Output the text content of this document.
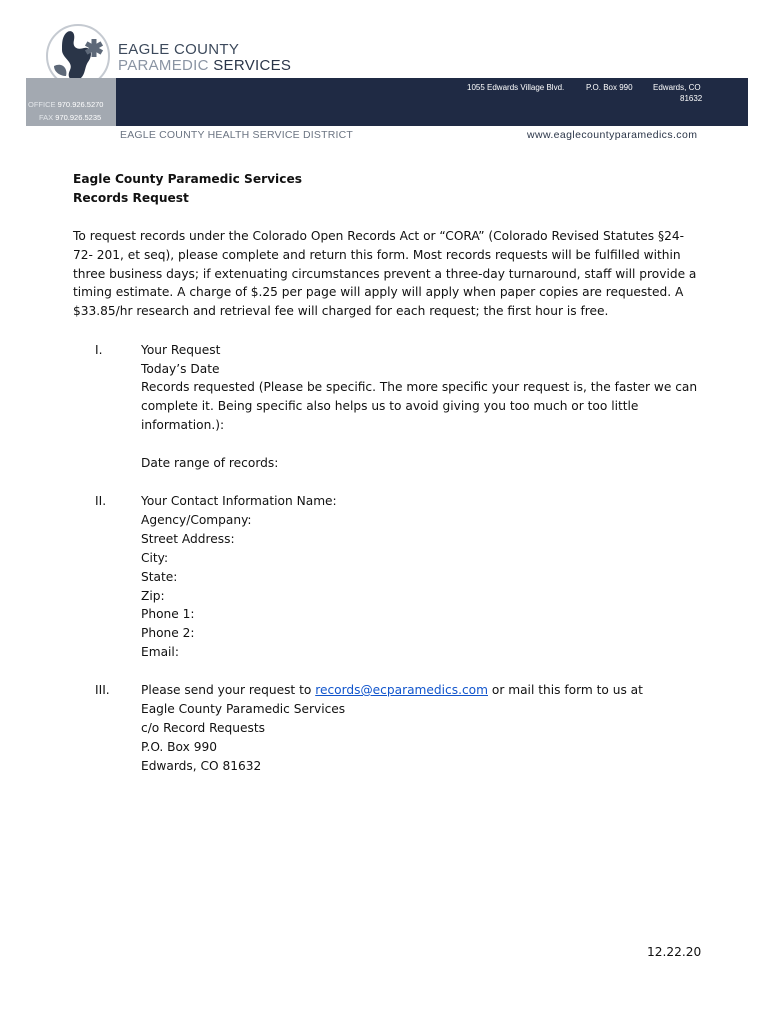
EAGLE COUNTY
PARAMEDIC SERVICES
OFFICE 970.926.5270
FAX 970.926.5235
1055 Edwards Village Blvd.	P.O. Box 990	Edwards, CO
81632
EAGLE COUNTY HEALTH SERVICE DISTRICT	www.eaglecountyparamedics.com
Eagle County Paramedic Services
Records Request
To request records under the Colorado Open Records Act or “CORA” (Colorado Revised Statutes §24-72- 201, et seq), please complete and return this form. Most records requests will be fulfilled within three business days; if extenuating circumstances prevent a three-day turnaround, staff will provide a timing estimate. A charge of $.25 per page will apply will apply when paper copies are requested. A $33.85/hr research and retrieval fee will charged for each request; the first hour is free.
I.	Your Request
Today’s Date
Records requested (Please be specific. The more specific your request is, the faster we can complete it. Being specific also helps us to avoid giving you too much or too little information.):
Date range of records:
II.	Your Contact Information Name:
Agency/Company:
Street Address:
City:
State:
Zip:
Phone 1:
Phone 2:
Email:
III.	Please send your request to records@ecparamedics.com or mail this form to us at
Eagle County Paramedic Services
c/o Record Requests
P.O. Box 990
Edwards, CO 81632
12.22.20
